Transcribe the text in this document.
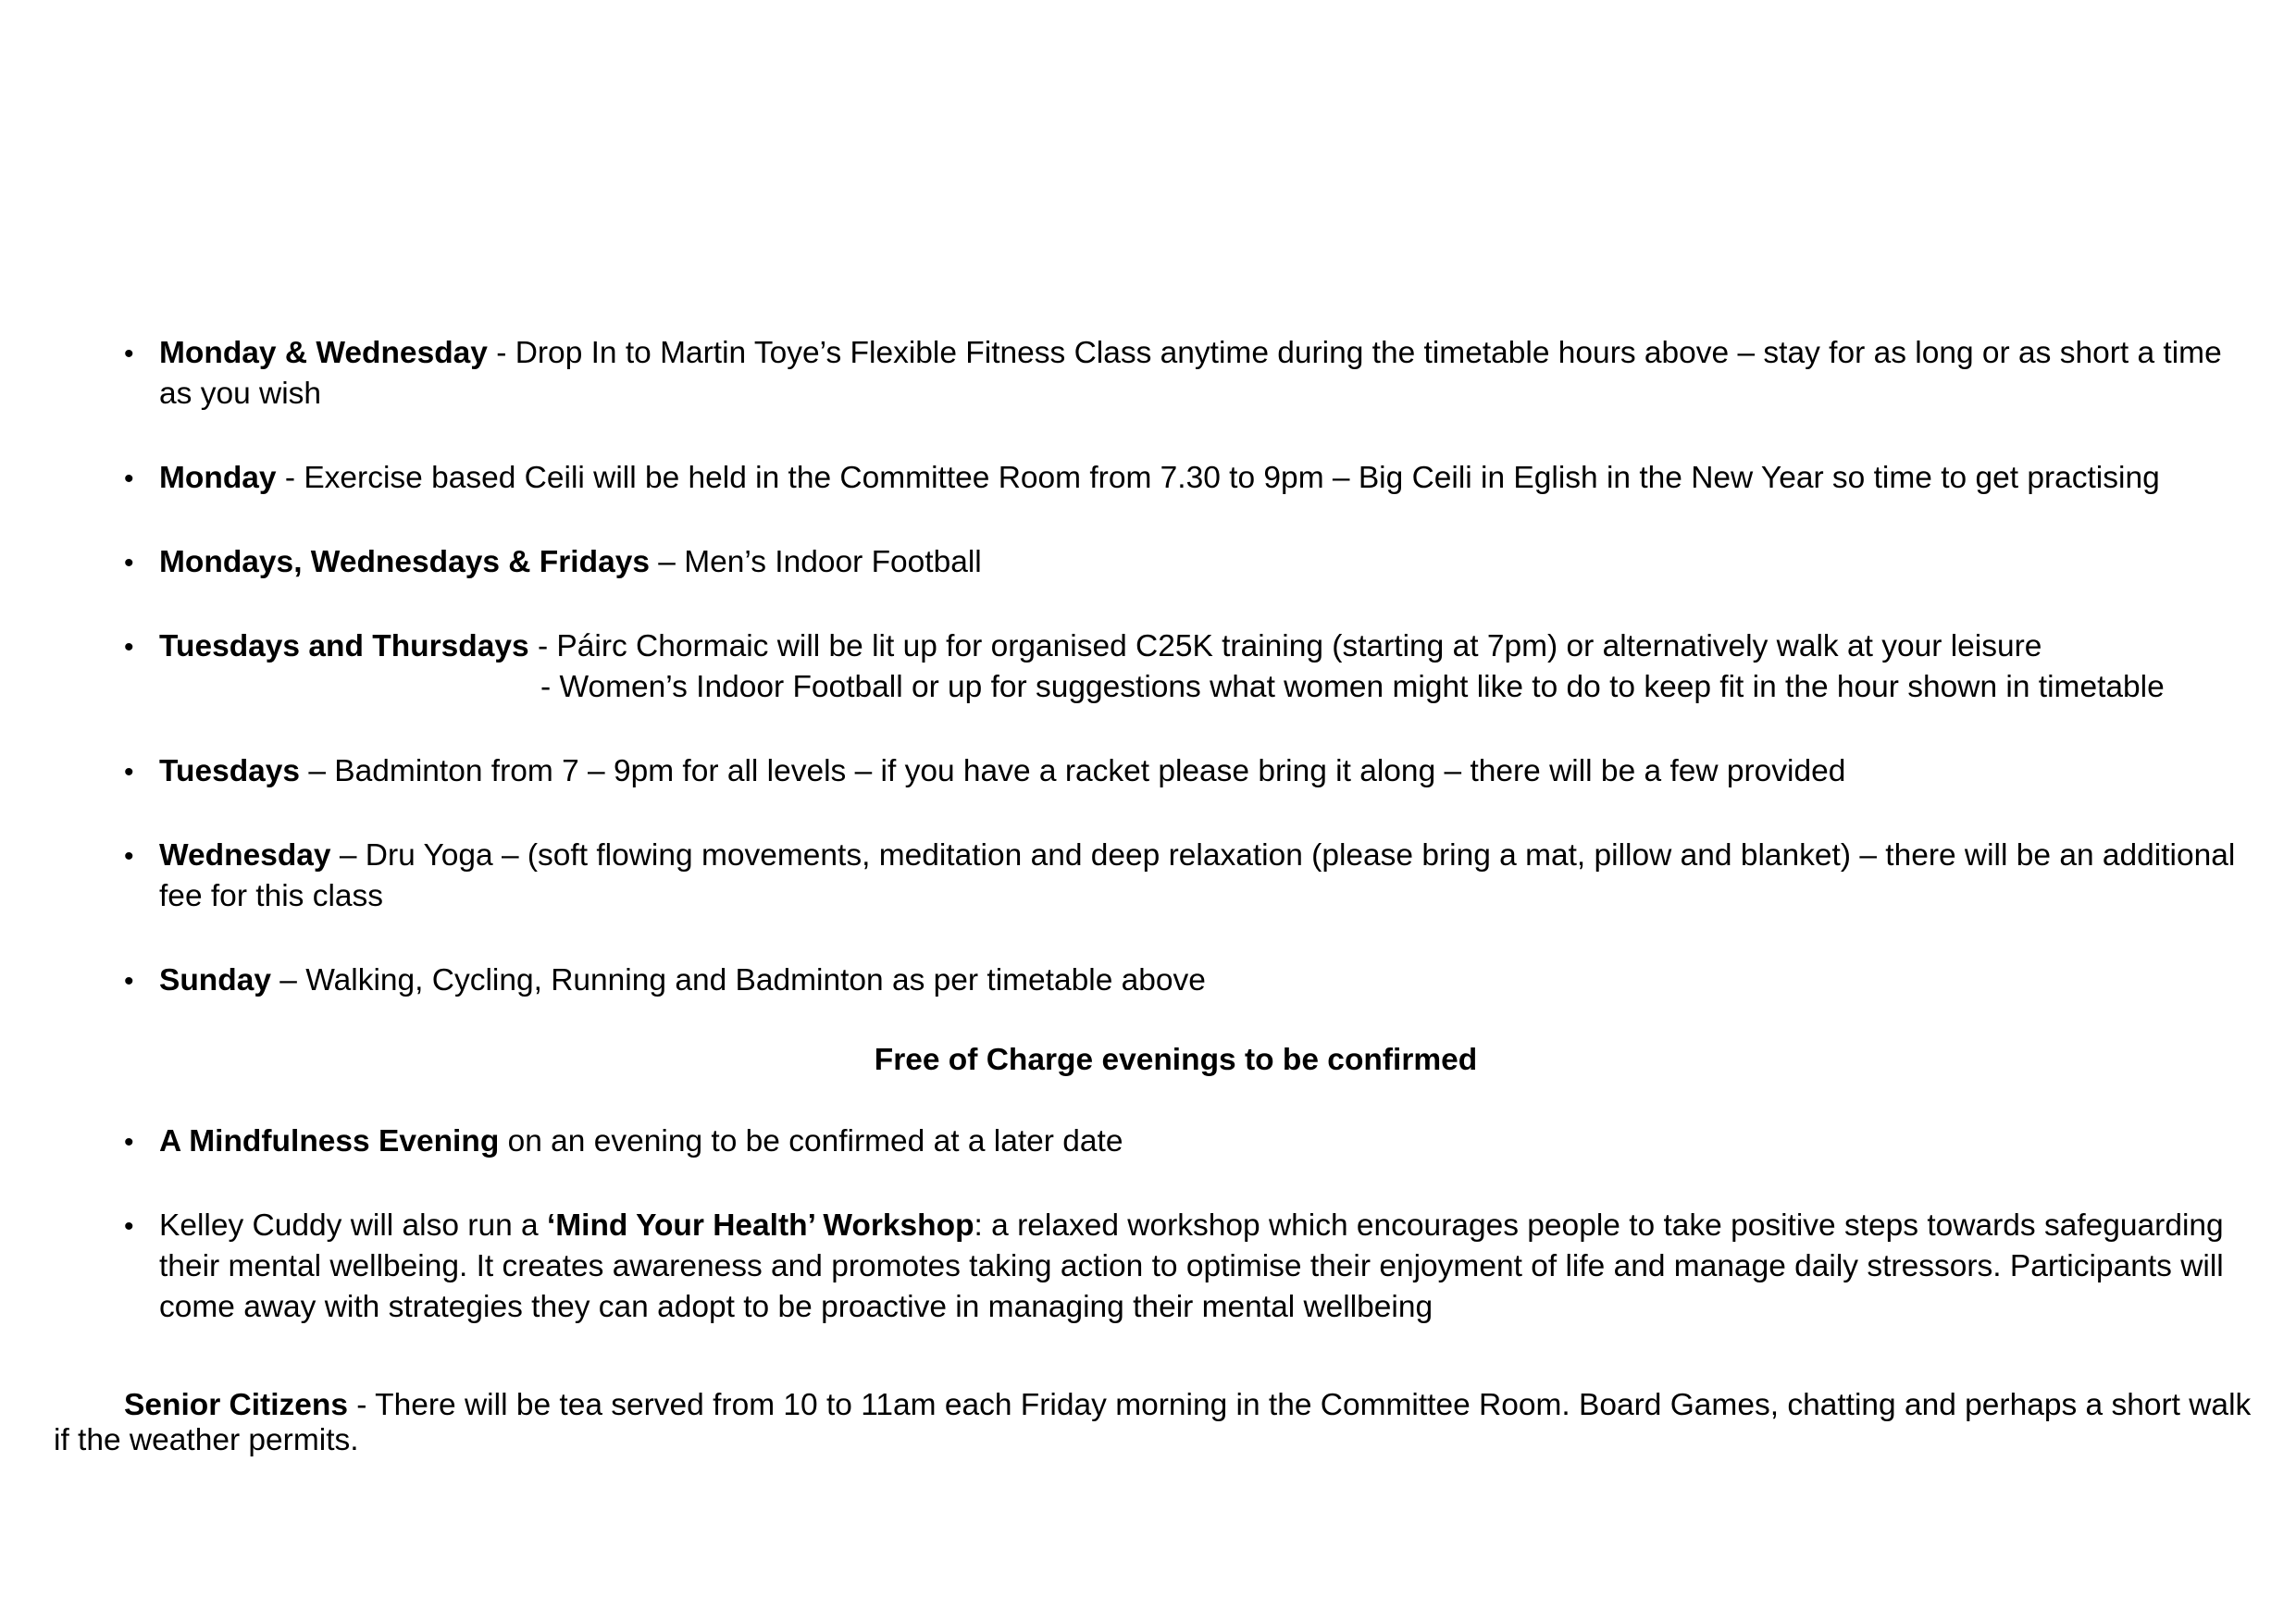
•
Monday & Wednesday - Drop In to Martin Toye’s Flexible Fitness Class anytime during the timetable hours above – stay for as long or as short a time as you wish
•
Monday - Exercise based Ceili will be held in the Committee Room from 7.30 to 9pm – Big Ceili in Eglish in the New Year so time to get practising
•
Mondays, Wednesdays & Fridays – Men’s Indoor Football
•
Tuesdays and Thursdays - Páirc Chormaic will be lit up for organised C25K training (starting at 7pm) or alternatively walk at your leisure
- Women’s Indoor Football or up for suggestions what women might like to do to keep fit in the hour shown in timetable
•
Tuesdays – Badminton from 7 – 9pm for all levels – if you have a racket please bring it along – there will be a few provided
•
Wednesday – Dru Yoga – (soft flowing movements, meditation and deep relaxation (please bring a mat, pillow and blanket) – there will be an additional fee for this class
•
Sunday – Walking, Cycling, Running and Badminton as per timetable above
Free of Charge evenings to be confirmed
•
A Mindfulness Evening on an evening to be confirmed at a later date
•
Kelley Cuddy will also run a ‘Mind Your Health’ Workshop: a relaxed workshop which encourages people to take positive steps towards safeguarding their mental wellbeing. It creates awareness and promotes taking action to optimise their enjoyment of life and manage daily stressors. Participants will come away with strategies they can adopt to be proactive in managing their mental wellbeing
Senior Citizens - There will be tea served from 10 to 11am each Friday morning in the Committee Room. Board Games, chatting and perhaps a short walk if the weather permits.
